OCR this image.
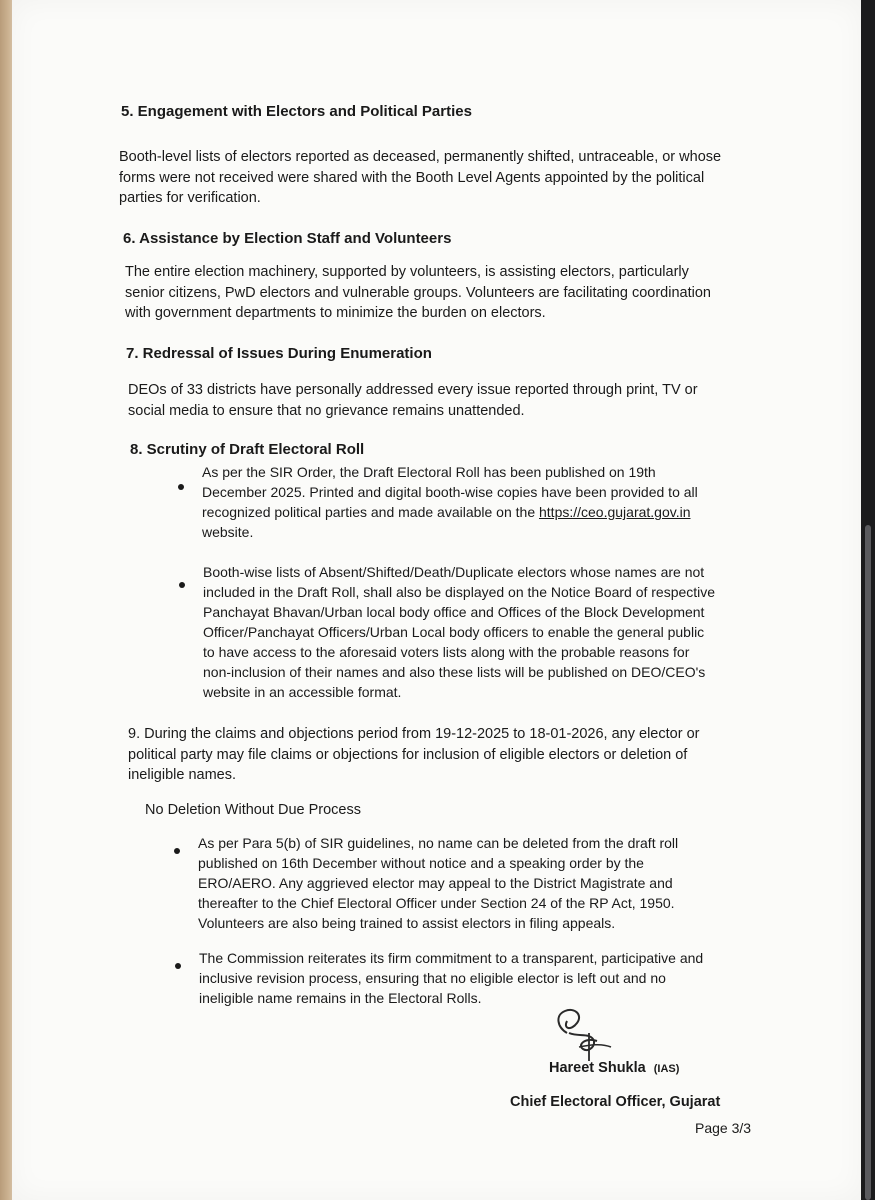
5. Engagement with Electors and Political Parties
Booth-level lists of electors reported as deceased, permanently shifted, untraceable, or whose
forms were not received were shared with the Booth Level Agents appointed by the political
parties for verification.
6. Assistance by Election Staff and Volunteers
The entire election machinery, supported by volunteers, is assisting electors, particularly
senior citizens, PwD electors and vulnerable groups. Volunteers are facilitating coordination
with government departments to minimize the burden on electors.
7. Redressal of Issues During Enumeration
DEOs of 33 districts have personally addressed every issue reported through print, TV or
social media to ensure that no grievance remains unattended.
8. Scrutiny of Draft Electoral Roll
As per the SIR Order, the Draft Electoral Roll has been published on 19th
December 2025. Printed and digital booth-wise copies have been provided to all
recognized political parties and made available on the https://ceo.gujarat.gov.in
website.
Booth-wise lists of Absent/Shifted/Death/Duplicate electors whose names are not
included in the Draft Roll, shall also be displayed on the Notice Board of respective
Panchayat Bhavan/Urban local body office and Offices of the Block Development
Officer/Panchayat Officers/Urban Local body officers to enable the general public
to have access to the aforesaid voters lists along with the probable reasons for
non-inclusion of their names and also these lists will be published on DEO/CEO's
website in an accessible format.
9. During the claims and objections period from 19-12-2025 to 18-01-2026, any elector or
political party may file claims or objections for inclusion of eligible electors or deletion of
ineligible names.
No Deletion Without Due Process
As per Para 5(b) of SIR guidelines, no name can be deleted from the draft roll
published on 16th December without notice and a speaking order by the
ERO/AERO. Any aggrieved elector may appeal to the District Magistrate and
thereafter to the Chief Electoral Officer under Section 24 of the RP Act, 1950.
Volunteers are also being trained to assist electors in filing appeals.
The Commission reiterates its firm commitment to a transparent, participative and
inclusive revision process, ensuring that no eligible elector is left out and no
ineligible name remains in the Electoral Rolls.
Hareet Shukla (IAS)
Chief Electoral Officer, Gujarat
Page 3/3
